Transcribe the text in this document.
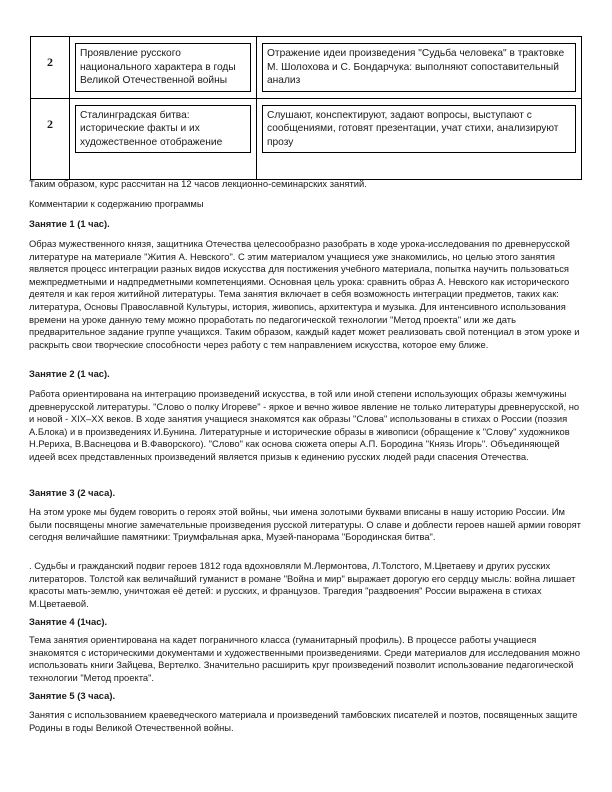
2	Проявление русского национального характера в годы Великой Отечественной войны	Отражение идеи произведения "Судьба человека" в трактовке М. Шолохова и С. Бондарчука: выполняют сопоставительный анализ

2	Сталинградская битва: исторические факты и их художественное отображение	Слушают, конспектируют, задают вопросы, выступают с сообщениями, готовят презентации, учат стихи, анализируют прозу

Таким образом, курс рассчитан на 12 часов лекционно-семинарских занятий.

Комментарии к содержанию программы

Занятие 1 (1 час).

Образ мужественного князя, защитника Отечества целесообразно разобрать в ходе урока-исследования по древнерусской литературе на материале "Жития А. Невского". С этим материалом учащиеся уже знакомились, но целью этого занятия является процесс интеграции разных видов искусства для постижения учебного материала, попытка научить пользоваться межпредметными и надпредметными компетенциями. Основная цель урока: сравнить образ А. Невского как исторического деятеля и как героя житийной литературы. Тема занятия включает в себя возможность интеграции предметов, таких как: литература, Основы Православной Культуры, история, живопись, архитектура и музыка. Для интенсивного использования времени на уроке данную тему можно проработать по педагогической технологии "Метод проекта" или же дать предварительное задание группе учащихся. Таким образом, каждый кадет может реализовать свой потенциал в этом уроке и раскрыть свои творческие способности через работу с тем направлением искусства, которое ему ближе.

Занятие 2 (1 час).

Работа ориентирована на интеграцию произведений искусства, в той или иной степени использующих образы жемчужины древнерусской литературы. "Слово о полку Игореве" - яркое и вечно живое явление не только литературы древнерусской, но и новой - XIX–XX веков. В ходе занятия учащиеся знакомятся как образы "Слова" использованы в стихах о России (поэзия А.Блока) и в произведениях И.Бунина. Литературные и исторические образы в живописи (обращение к "Слову" художников Н.Рериха, В.Васнецова и В.Фаворского). "Слово" как основа сюжета оперы А.П. Бородина "Князь Игорь". Объединяющей идеей всех представленных произведений является призыв к единению русских людей ради спасения Отечества.

Занятие 3 (2 часа).

На этом уроке мы будем говорить о героях этой войны, чьи имена золотыми буквами вписаны в нашу историю России. Им были посвящены многие замечательные произведения русской литературы. О славе и доблести героев нашей армии говорят сегодня величайшие памятники: Триумфальная арка, Музей-панорама "Бородинская битва".

. Судьбы и гражданский подвиг героев 1812 года вдохновляли М.Лермонтова, Л.Толстого, М.Цветаеву и других русских литераторов. Толстой как величайший гуманист в романе "Война и мир" выражает дорогую его сердцу мысль: война лишает красоты мать-землю, уничтожая её детей: и русских, и французов. Трагедия "раздвоения" России выражена в стихах М.Цветаевой.

Занятие 4 (1час).

Тема занятия ориентирована на кадет пограничного класса (гуманитарный профиль). В процессе работы учащиеся знакомятся с историческими документами и художественными произведениями. Среди материалов для исследования можно использовать книги Зайцева, Вертелко. Значительно расширить круг произведений позволит использование педагогической технологии "Метод проекта".

Занятие 5 (3 часа).

Занятия с использованием краеведческого материала и произведений тамбовских писателей и поэтов, посвященных защите Родины в годы Великой Отечественной войны.
